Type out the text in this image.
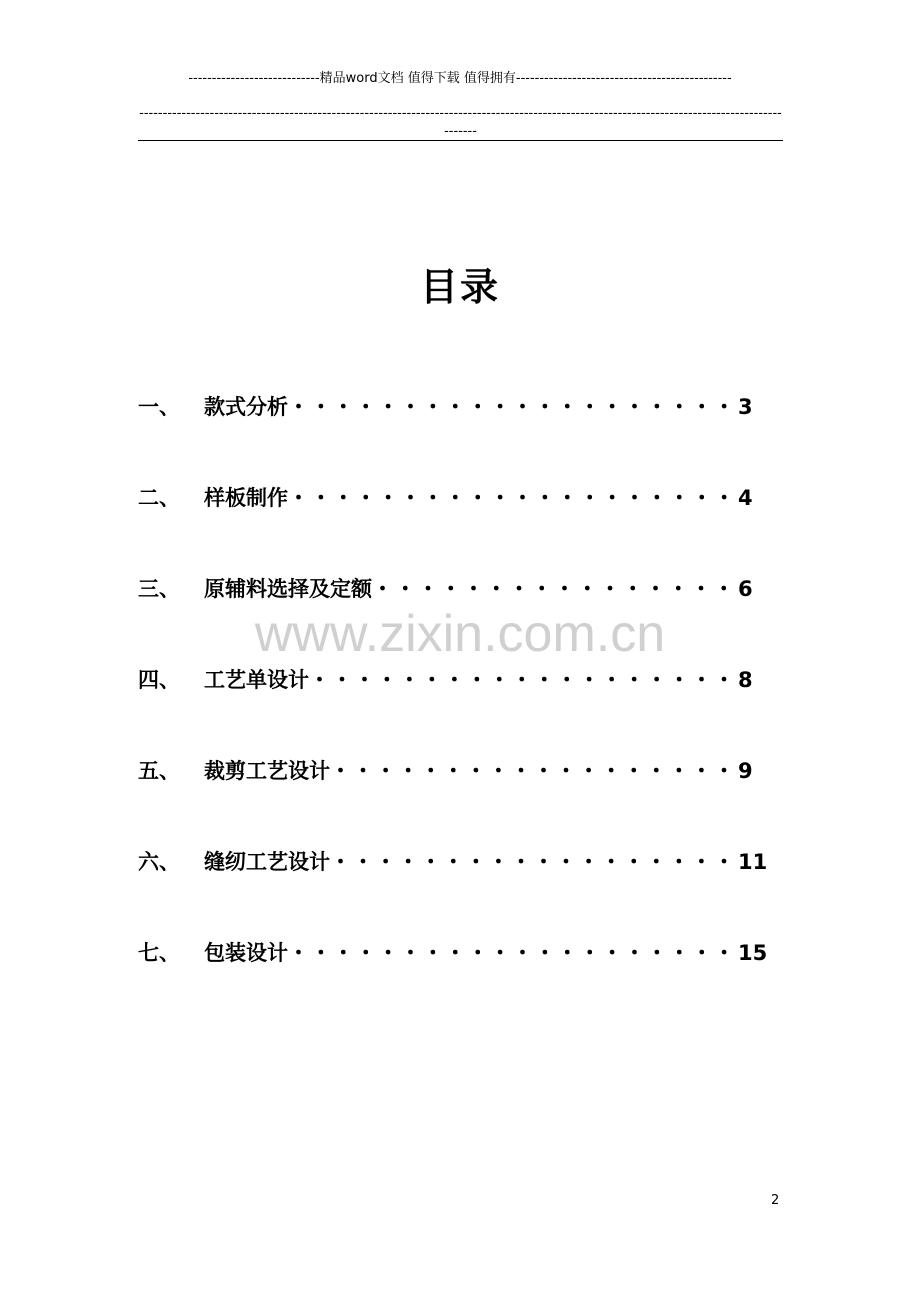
----------------------------精品word文档 值得下载 值得拥有----------------------------------------------
------------------------------------------------------------------------------------------------------------------------------------------------
目录
www.zixin.com.cn
一、 款式分析 ・・・・・・・・・・・・・・・・・・・・ 3
二、 样板制作 ・・・・・・・・・・・・・・・・・・・・ 4
三、 原辅料选择及定额 ・・・・・・・・・・・・・・・・ 6
四、 工艺单设计 ・・・・・・・・・・・・・・・・・・・ 8
五、 裁剪工艺设计 ・・・・・・・・・・・・・・・・・・ 9
六、 缝纫工艺设计 ・・・・・・・・・・・・・・・・・・ 11
七、 包装设计 ・・・・・・・・・・・・・・・・・・・・ 15
2
